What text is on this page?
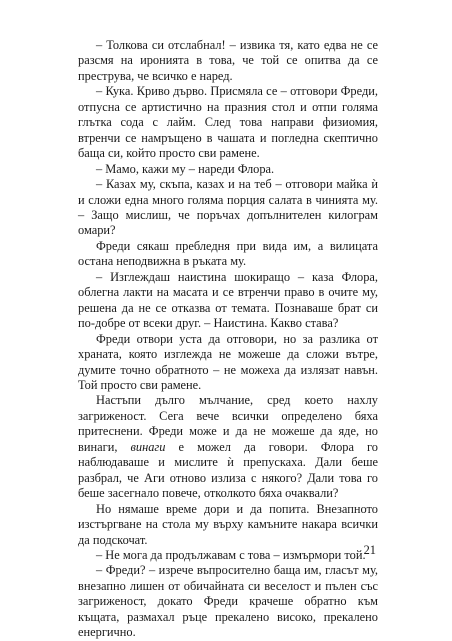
– Толкова си отслабнал! – извика тя, като едва не се разсмя на иронията в това, че той се опитва да се преструва, че всичко е наред.

– Кука. Криво дърво. Присмяла се – отговори Фреди, отпусна се артистично на празния стол и отпи голяма глътка сода с лайм. След това направи физиомия, втренчи се намръщено в чашата и погледна скептично баща си, който просто сви рамене.

– Мамо, кажи му – нареди Флора.

– Казах му, скъпа, казах и на теб – отговори майка ѝ и сложи една много голяма порция салата в чинията му. – Защо мислиш, че поръчах допълнителен килограм омари?

Фреди сякаш пребледня при вида им, а вилицата остана неподвижна в ръката му.

– Изглеждаш наистина шокиращо – каза Флора, облегна лакти на масата и се втренчи право в очите му, решена да не се отказва от темата. Познаваше брат си по-добре от всеки друг. – Наистина. Какво става?

Фреди отвори уста да отговори, но за разлика от храната, която изглежда не можеше да сложи вътре, думите точно обратното – не можеха да излязат навън. Той просто сви рамене.

Настъпи дълго мълчание, сред което нахлу загриженост. Сега вече всички определено бяха притеснени. Фреди може и да не можеше да яде, но винаги, винаги е можел да говори. Флора го наблюдаваше и мислите ѝ препускаха. Дали беше разбрал, че Аги отново излиза с някого? Дали това го беше засегнало повече, отколкото бяха очаквали?

Но нямаше време дори и да попита. Внезапното изстъргване на стола му върху камъните накара всички да подскочат.

– Не мога да продължавам с това – измърмори той.

– Фреди? – изрече въпросително баща им, гласът му, внезапно лишен от обичайната си веселост и пълен със загриженост, докато Фреди крачеше обратно към къщата, размахал ръце прекалено високо, прекалено енергично.

21
